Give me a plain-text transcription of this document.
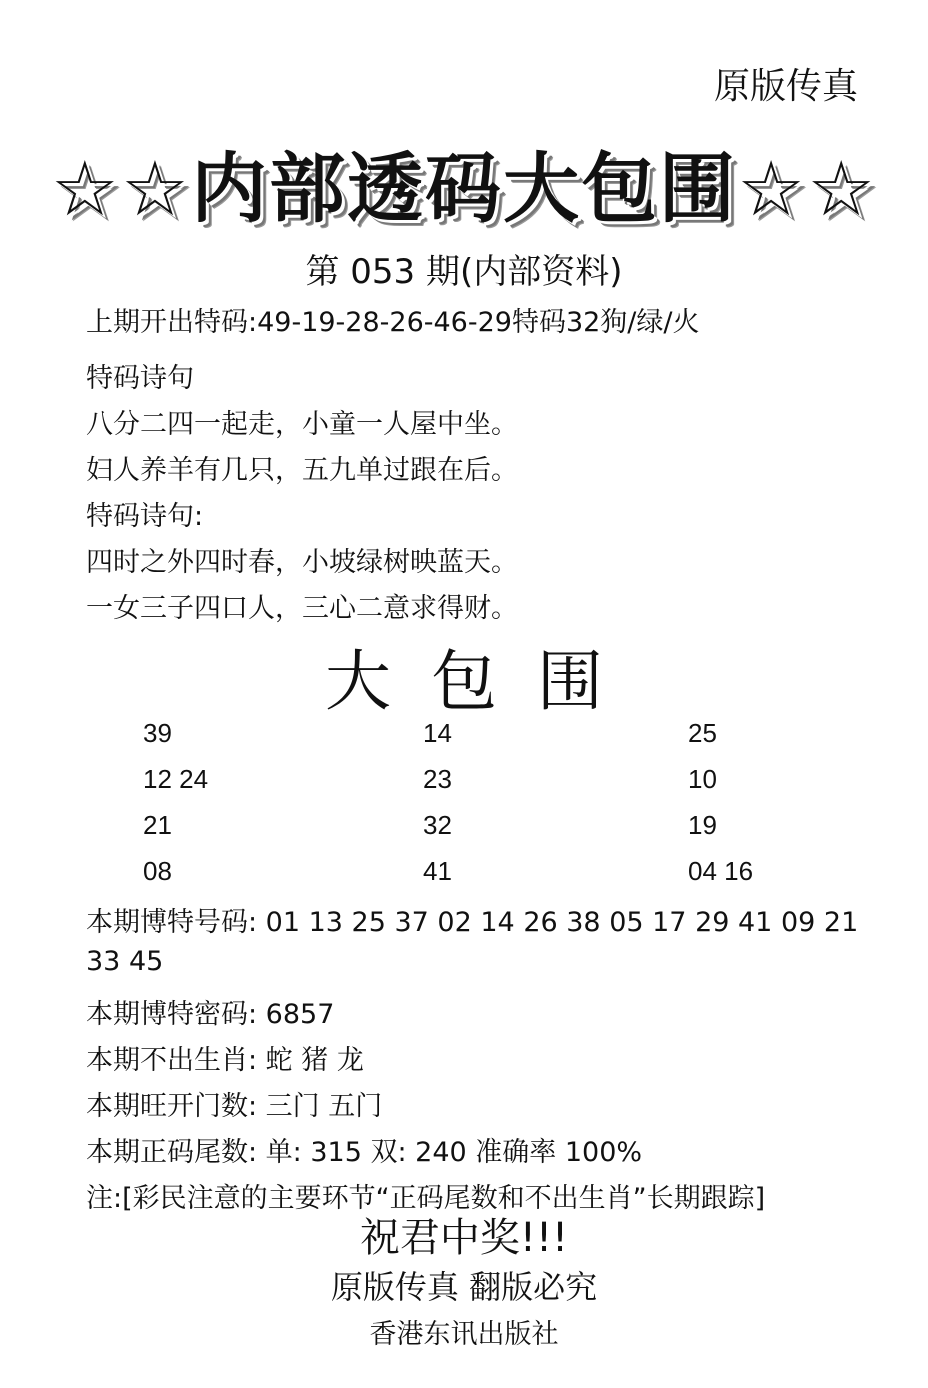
原版传真
☆☆内部透码大包围☆☆
第 053 期(内部资料)
上期开出特码:49-19-28-26-46-29特码32狗/绿/火
特码诗句
八分二四一起走，小童一人屋中坐。
妇人养羊有几只，五九单过跟在后。
特码诗句:
四时之外四时春，小坡绿树映蓝天。
一女三子四口人，三心二意求得财。
大包围
39	14	25
12 24	23	10
21	32	19
08	41	04 16
本期博特号码: 01 13 25 37 02 14 26 38 05 17 29 41 09 21
33 45
本期博特密码: 6857
本期不出生肖: 蛇 猪 龙
本期旺开门数: 三门 五门
本期正码尾数: 单: 315 双: 240 准确率 100%
注:[彩民注意的主要环节“正码尾数和不出生肖”长期跟踪]
祝君中奖!!!
原版传真 翻版必究
香港东讯出版社
